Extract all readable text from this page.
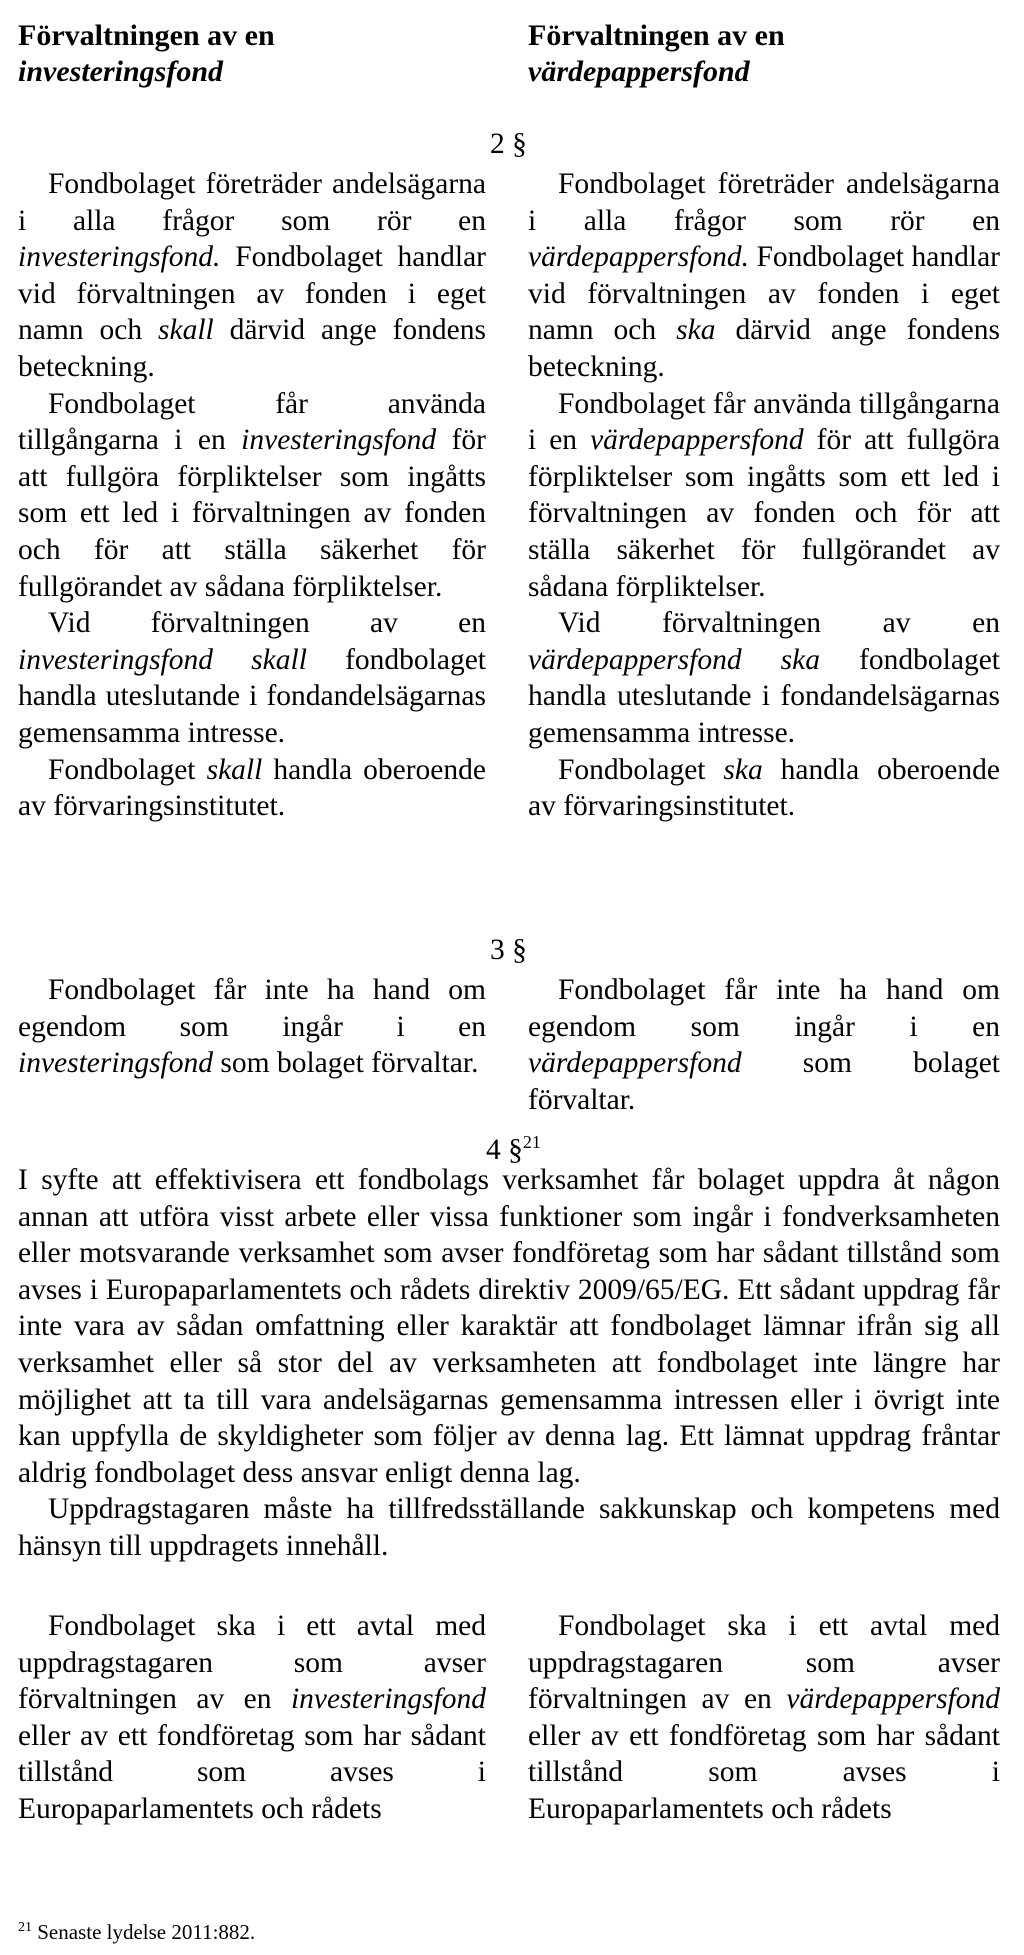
Förvaltningen av en
investeringsfond
Förvaltningen av en
värdepappersfond
2 §

Fondbolaget företräder andelsägarna i alla frågor som rör en investeringsfond. Fondbolaget handlar vid förvaltningen av fonden i eget namn och skall därvid ange fondens beteckning.

Fondbolaget får använda tillgångarna i en investeringsfond för att fullgöra förpliktelser som ingåtts som ett led i förvaltningen av fonden och för att ställa säkerhet för fullgörandet av sådana förpliktelser.

Vid förvaltningen av en investeringsfond skall fondbolaget handla uteslutande i fondandelsägarnas gemensamma intresse.

Fondbolaget skall handla oberoende av förvaringsinstitutet.

Fondbolaget företräder andelsägarna i alla frågor som rör en värdepappersfond. Fondbolaget handlar vid förvaltningen av fonden i eget namn och ska därvid ange fondens beteckning.

Fondbolaget får använda tillgångarna i en värdepappersfond för att fullgöra förpliktelser som ingåtts som ett led i förvaltningen av fonden och för att ställa säkerhet för fullgörandet av sådana förpliktelser.

Vid förvaltningen av en värdepappersfond ska fondbolaget handla uteslutande i fondandelsägarnas gemensamma intresse.

Fondbolaget ska handla oberoende av förvaringsinstitutet.

3 §

Fondbolaget får inte ha hand om egendom som ingår i en investeringsfond som bolaget förvaltar.

Fondbolaget får inte ha hand om egendom som ingår i en värdepappersfond som bolaget förvaltar.

4 §$^{21}$

I syfte att effektivisera ett fondbolags verksamhet får bolaget uppdra åt någon annan att utföra visst arbete eller vissa funktioner som ingår i fondverksamheten eller motsvarande verksamhet som avser fondföretag som har sådant tillstånd som avses i Europaparlamentets och rådets direktiv 2009/65/EG. Ett sådant uppdrag får inte vara av sådan omfattning eller karaktär att fondbolaget lämnar ifrån sig all verksamhet eller så stor del av verksamheten att fondbolaget inte längre har möjlighet att ta till vara andelsägarnas gemensamma intressen eller i övrigt inte kan uppfylla de skyldigheter som följer av denna lag. Ett lämnat uppdrag fråntar aldrig fondbolaget dess ansvar enligt denna lag.

Uppdragstagaren måste ha tillfredsställande sakkunskap och kompetens med hänsyn till uppdragets innehåll.

Fondbolaget ska i ett avtal med uppdragstagaren som avser förvaltningen av en investeringsfond eller av ett fondföretag som har sådant tillstånd som avses i Europaparlamentets och rådets

Fondbolaget ska i ett avtal med uppdragstagaren som avser förvaltningen av en värdepappersfond eller av ett fondföretag som har sådant tillstånd som avses i Europaparlamentets och rådets

$^{21}$ Senaste lydelse 2011:882.
